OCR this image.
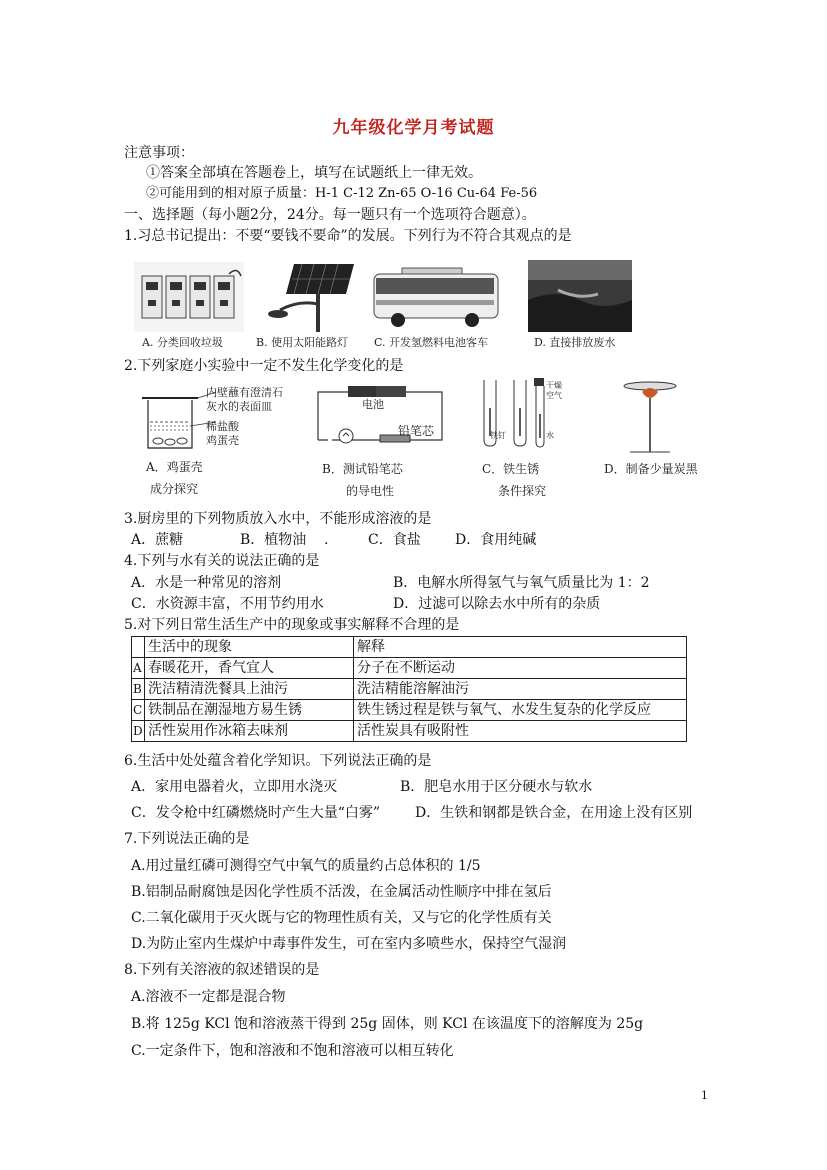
九年级化学月考试题
注意事项：
①答案全部填在答题卷上，填写在试题纸上一律无效。
②可能用到的相对原子质量：H-1 C-12 Zn-65 O-16 Cu-64 Fe-56
一、选择题（每小题2分，24分。每一题只有一个选项符合题意）。
1.习总书记提出：不要“要钱不要命”的发展。下列行为不符合其观点的是
A. 分类回收垃圾	B. 使用太阳能路灯 C. 开发氢燃料电池客车	D. 直接排放废水
2.下列家庭小实验中一定不发生化学变化的是
内壁蘸有澄清石
灰水的表面皿
稀盐酸
鸡蛋壳
电池
铅笔芯
干燥
空气
铁钉	水
A．鸡蛋壳
成分探究
B．测试铅笔芯
的导电性
C．铁生锈
条件探究
D．制备少量炭黑
3.厨房里的下列物质放入水中，不能形成溶液的是
A．蔗糖	B．植物油 .	C．食盐 D．食用纯碱
4.下列与水有关的说法正确的是
A．水是一种常见的溶剂	B．电解水所得氢气与氧气质量比为 1：2
C．水资源丰富，不用节约用水	D．过滤可以除去水中所有的杂质
5.对下列日常生活生产中的现象或事实解释不合理的是
	生活中的现象	解释
A	春暖花开，香气宜人	分子在不断运动
B	洗洁精清洗餐具上油污	洗洁精能溶解油污
C	铁制品在潮湿地方易生锈	铁生锈过程是铁与氧气、水发生复杂的化学反应
D	活性炭用作冰箱去味剂	活性炭具有吸附性
6.生活中处处蕴含着化学知识。下列说法正确的是
A．家用电器着火，立即用水浇灭	B．肥皂水用于区分硬水与软水
C．发令枪中红磷燃烧时产生大量“白雾” D．生铁和钢都是铁合金，在用途上没有区别
7.下列说法正确的是
A.用过量红磷可测得空气中氧气的质量约占总体积的 1/5
B.铝制品耐腐蚀是因化学性质不活泼，在金属活动性顺序中排在氢后
C.二氧化碳用于灭火既与它的物理性质有关，又与它的化学性质有关
D.为防止室内生煤炉中毒事件发生，可在室内多喷些水，保持空气湿润
8.下列有关溶液的叙述错误的是
A.溶液不一定都是混合物
B.将 125g KCl 饱和溶液蒸干得到 25g 固体，则 KCl 在该温度下的溶解度为 25g
C.一定条件下，饱和溶液和不饱和溶液可以相互转化
1
